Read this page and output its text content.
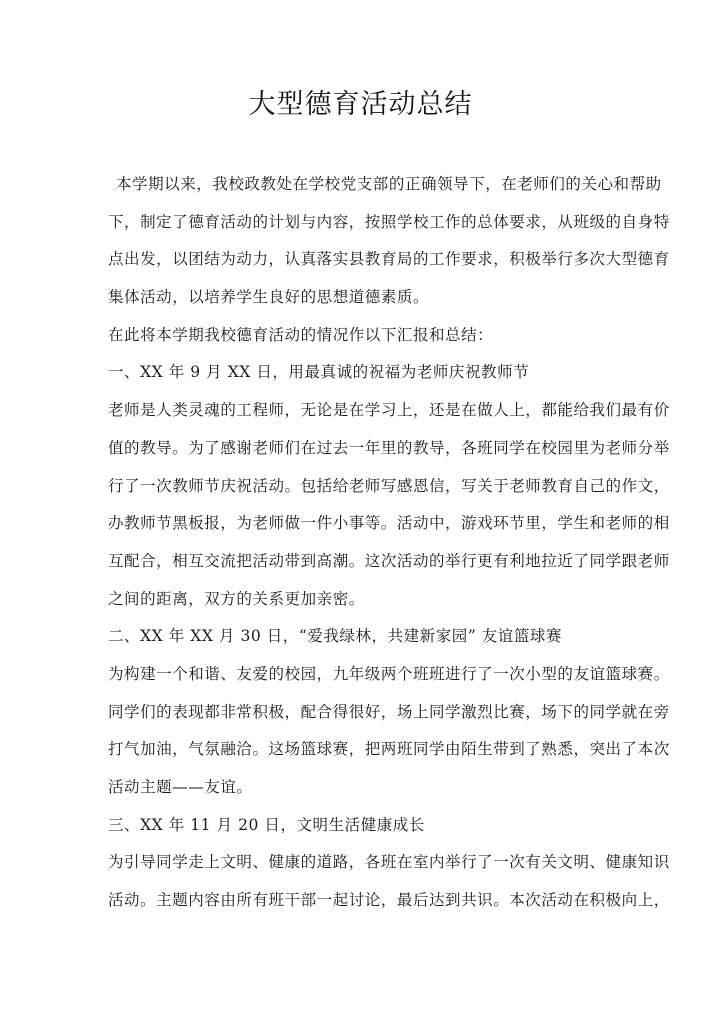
大型德育活动总结
本学期以来，我校政教处在学校党支部的正确领导下，在老师们的关心和帮助
下，制定了德育活动的计划与内容，按照学校工作的总体要求，从班级的自身特
点出发，以团结为动力，认真落实县教育局的工作要求，积极举行多次大型德育
集体活动，以培养学生良好的思想道德素质。
在此将本学期我校德育活动的情况作以下汇报和总结：
一、XX 年 9 月 XX 日，用最真诚的祝福为老师庆祝教师节
老师是人类灵魂的工程师，无论是在学习上，还是在做人上，都能给我们最有价
值的教导。为了感谢老师们在过去一年里的教导，各班同学在校园里为老师分举
行了一次教师节庆祝活动。包括给老师写感恩信，写关于老师教育自己的作文，
办教师节黑板报，为老师做一件小事等。活动中，游戏环节里，学生和老师的相
互配合，相互交流把活动带到高潮。这次活动的举行更有利地拉近了同学跟老师
之间的距离，双方的关系更加亲密。
二、XX 年 XX 月 30 日，“爱我绿林，共建新家园” 友谊篮球赛
为构建一个和谐、友爱的校园，九年级两个班班进行了一次小型的友谊篮球赛。
同学们的表现都非常积极，配合得很好，场上同学激烈比赛，场下的同学就在旁
打气加油，气氛融洽。这场篮球赛，把两班同学由陌生带到了熟悉，突出了本次
活动主题——友谊。
三、XX 年 11 月 20 日，文明生活健康成长
为引导同学走上文明、健康的道路，各班在室内举行了一次有关文明、健康知识
活动。主题内容由所有班干部一起讨论，最后达到共识。本次活动在积极向上，
